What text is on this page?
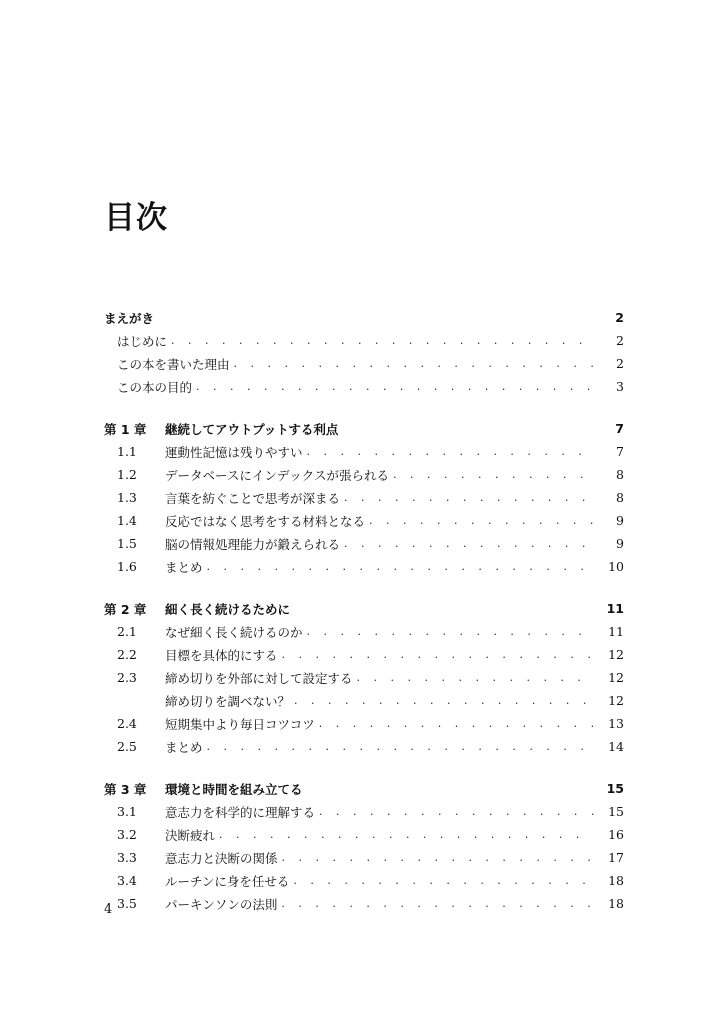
目次
まえがき	2
はじめに . . .	2
この本を書いた理由 . . .	2
この本の目的 . . .	3
第 1 章	継続してアウトプットする利点	7
1.1	運動性記憶は残りやすい . . .	7
1.2	データベースにインデックスが張られる . . .	8
1.3	言葉を紡ぐことで思考が深まる . . .	8
1.4	反応ではなく思考をする材料となる . . .	9
1.5	脳の情報処理能力が鍛えられる . . .	9
1.6	まとめ . . .	10
第 2 章	細く長く続けるために	11
2.1	なぜ細く長く続けるのか . . .	11
2.2	目標を具体的にする . . .	12
2.3	締め切りを外部に対して設定する . . .	12
締め切りを調べない？ . . .	12
2.4	短期集中より毎日コツコツ . . .	13
2.5	まとめ . . .	14
第 3 章	環境と時間を組み立てる	15
3.1	意志力を科学的に理解する . . .	15
3.2	決断疲れ . . .	16
3.3	意志力と決断の関係 . . .	17
3.4	ルーチンに身を任せる . . .	18
3.5	パーキンソンの法則 . . .	18
4
